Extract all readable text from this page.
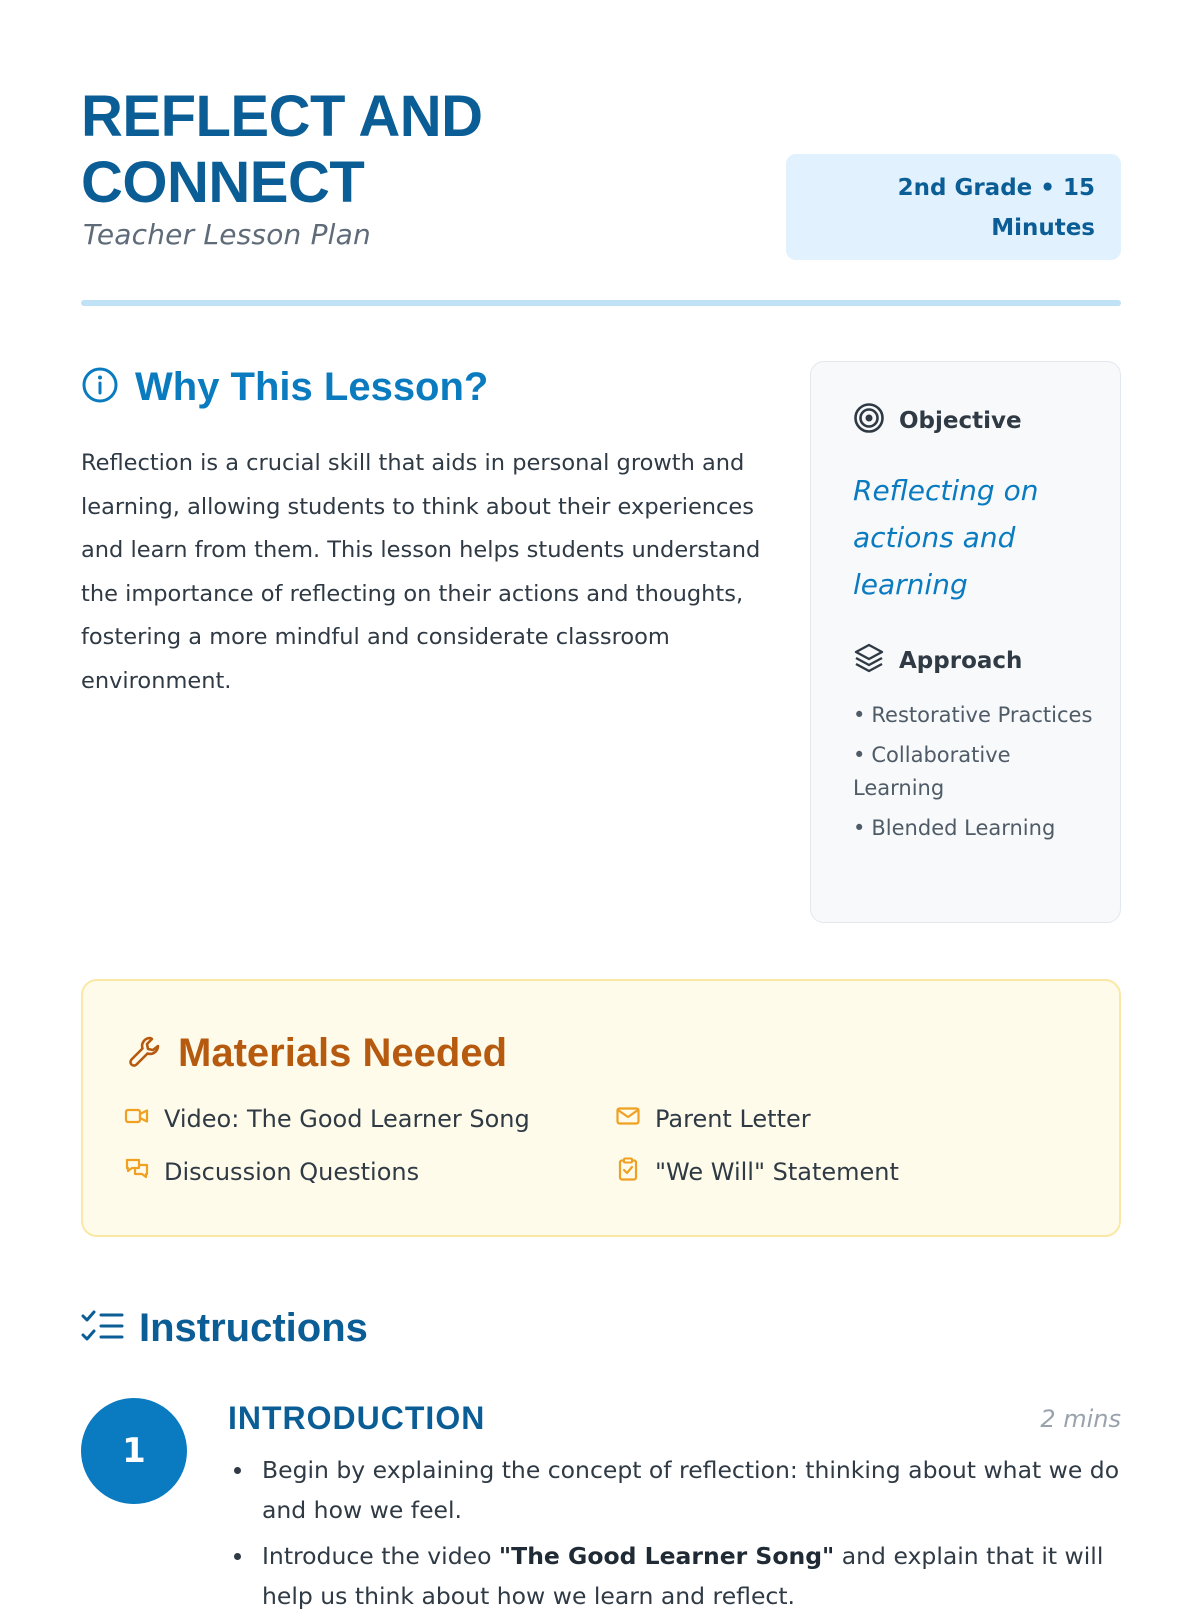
REFLECT AND
CONNECT
Teacher Lesson Plan
2nd Grade • 15
Minutes
Why This Lesson?
Reflection is a crucial skill that aids in personal growth and learning, allowing students to think about their experiences and learn from them. This lesson helps students understand the importance of reflecting on their actions and thoughts, fostering a more mindful and considerate classroom environment.
Objective
Reflecting on actions and learning
Approach
• Restorative Practices
• Collaborative Learning
• Blended Learning
Materials Needed
Video: The Good Learner Song	Parent Letter
Discussion Questions	"We Will" Statement
Instructions
1
INTRODUCTION	2 mins
Begin by explaining the concept of reflection: thinking about what we do and how we feel.
Introduce the video "The Good Learner Song" and explain that it will help us think about how we learn and reflect.
